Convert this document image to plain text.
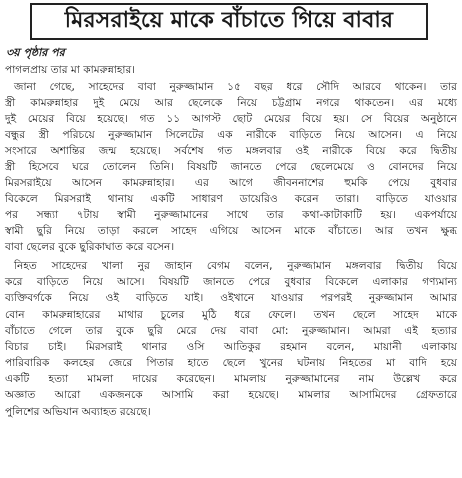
মিরসরাইয়ে মাকে বাঁচাতে গিয়ে বাবার
৩য় পৃষ্ঠার পর
পাগলপ্রায় তার মা কামরুন্নাহার।
জানা গেছে, সাহেদের বাবা নুরুজ্জামান ১৫ বছর ধরে সৌদি আরবে থাকেন। তার
স্ত্রী কামরুন্নাহার দুই মেয়ে আর ছেলেকে নিয়ে চট্টগ্রাম নগরে থাকতেন। এর মধ্যে
দুই মেয়ের বিয়ে হয়েছে। গত ১১ আগস্ট ছোট মেয়ের বিয়ে হয়। সে বিয়ের অনুষ্ঠানে
বন্ধুর স্ত্রী পরিচয়ে নুরুজ্জামান সিলেটের এক নারীকে বাড়িতে নিয়ে আসেন। এ নিয়ে
সংসারে অশান্তির জন্ম হয়েছে। সর্বশেষ গত মঙ্গলবার ওই নারীকে বিয়ে করে দ্বিতীয়
স্ত্রী হিসেবে ঘরে তোলেন তিনি। বিষয়টি জানতে পেরে ছেলেমেয়ে ও বোনদের নিয়ে
মিরসরাইয়ে আসেন কামরুন্নাহার। এর আগে জীবননাশের হুমকি পেয়ে বুধবার
বিকেলে মিরসরাই থানায় একটি সাধারণ ডায়েরিও করেন তারা। বাড়িতে যাওয়ার
পর সন্ধ্যা ৭টায় স্বামী নুরুজ্জামানের সাথে তার কথা-কাটাকাটি হয়। একপর্যায়ে
স্বামী ছুরি নিয়ে তাড়া করলে সাহেদ এগিয়ে আসেন মাকে বাঁচাতে। আর তখন ক্ষুব্ধ
বাবা ছেলের বুকে ছুরিকাঘাত করে বসেন।
নিহত সাহেদের খালা নুর জাহান বেগম বলেন, নুরুজ্জামান মঙ্গলবার দ্বিতীয় বিয়ে
করে বাড়িতে নিয়ে আসে। বিষয়টি জানতে পেরে বুধবার বিকেলে এলাকার গণ্যমান্য
ব্যক্তিবর্গকে নিয়ে ওই বাড়িতে যাই। ওইখানে যাওয়ার পরপরই নুরুজ্জামান আমার
বোন কামরুন্নাহারের মাথার চুলের মুঠি ধরে ফেলে। তখন ছেলে সাহেদ মাকে
বাঁচাতে গেলে তার বুকে ছুরি মেরে দেয় বাবা মো: নুরুজ্জামান। আমরা এই হত্যার
বিচার চাই। মিরসরাই থানার ওসি আতিকুর রহমান বলেন, মায়ানী এলাকায়
পারিবারিক কলহের জেরে পিতার হাতে ছেলে খুনের ঘটনায় নিহতের মা বাদি হয়ে
একটি হত্যা মামলা দায়ের করেছেন। মামলায় নুরুজ্জামানের নাম উল্লেখ করে
অজ্ঞাত আরো একজনকে আসামি করা হয়েছে। মামলার আসামিদের গ্রেফতারে
পুলিশের অভিযান অব্যাহত রয়েছে।
